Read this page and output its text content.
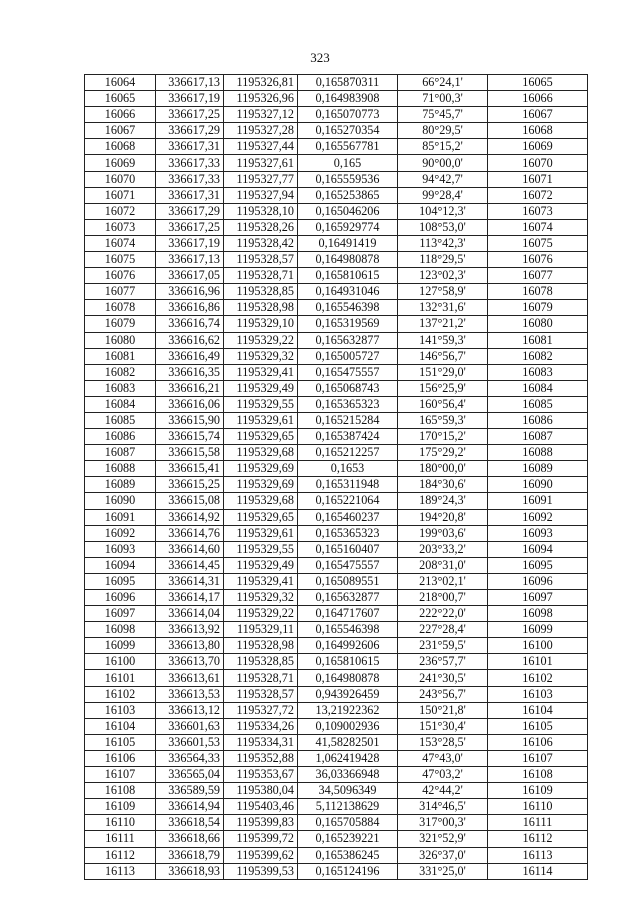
323
16064	336617,13	1195326,81	0,165870311	66°24,1'	16065
16065	336617,19	1195326,96	0,164983908	71°00,3'	16066
16066	336617,25	1195327,12	0,165070773	75°45,7'	16067
16067	336617,29	1195327,28	0,165270354	80°29,5'	16068
16068	336617,31	1195327,44	0,165567781	85°15,2'	16069
16069	336617,33	1195327,61	0,165	90°00,0'	16070
16070	336617,33	1195327,77	0,165559536	94°42,7'	16071
16071	336617,31	1195327,94	0,165253865	99°28,4'	16072
16072	336617,29	1195328,10	0,165046206	104°12,3'	16073
16073	336617,25	1195328,26	0,165929774	108°53,0'	16074
16074	336617,19	1195328,42	0,16491419	113°42,3'	16075
16075	336617,13	1195328,57	0,164980878	118°29,5'	16076
16076	336617,05	1195328,71	0,165810615	123°02,3'	16077
16077	336616,96	1195328,85	0,164931046	127°58,9'	16078
16078	336616,86	1195328,98	0,165546398	132°31,6'	16079
16079	336616,74	1195329,10	0,165319569	137°21,2'	16080
16080	336616,62	1195329,22	0,165632877	141°59,3'	16081
16081	336616,49	1195329,32	0,165005727	146°56,7'	16082
16082	336616,35	1195329,41	0,165475557	151°29,0'	16083
16083	336616,21	1195329,49	0,165068743	156°25,9'	16084
16084	336616,06	1195329,55	0,165365323	160°56,4'	16085
16085	336615,90	1195329,61	0,165215284	165°59,3'	16086
16086	336615,74	1195329,65	0,165387424	170°15,2'	16087
16087	336615,58	1195329,68	0,165212257	175°29,2'	16088
16088	336615,41	1195329,69	0,1653	180°00,0'	16089
16089	336615,25	1195329,69	0,165311948	184°30,6'	16090
16090	336615,08	1195329,68	0,165221064	189°24,3'	16091
16091	336614,92	1195329,65	0,165460237	194°20,8'	16092
16092	336614,76	1195329,61	0,165365323	199°03,6'	16093
16093	336614,60	1195329,55	0,165160407	203°33,2'	16094
16094	336614,45	1195329,49	0,165475557	208°31,0'	16095
16095	336614,31	1195329,41	0,165089551	213°02,1'	16096
16096	336614,17	1195329,32	0,165632877	218°00,7'	16097
16097	336614,04	1195329,22	0,164717607	222°22,0'	16098
16098	336613,92	1195329,11	0,165546398	227°28,4'	16099
16099	336613,80	1195328,98	0,164992606	231°59,5'	16100
16100	336613,70	1195328,85	0,165810615	236°57,7'	16101
16101	336613,61	1195328,71	0,164980878	241°30,5'	16102
16102	336613,53	1195328,57	0,943926459	243°56,7'	16103
16103	336613,12	1195327,72	13,21922362	150°21,8'	16104
16104	336601,63	1195334,26	0,109002936	151°30,4'	16105
16105	336601,53	1195334,31	41,58282501	153°28,5'	16106
16106	336564,33	1195352,88	1,062419428	47°43,0'	16107
16107	336565,04	1195353,67	36,03366948	47°03,2'	16108
16108	336589,59	1195380,04	34,5096349	42°44,2'	16109
16109	336614,94	1195403,46	5,112138629	314°46,5'	16110
16110	336618,54	1195399,83	0,165705884	317°00,3'	16111
16111	336618,66	1195399,72	0,165239221	321°52,9'	16112
16112	336618,79	1195399,62	0,165386245	326°37,0'	16113
16113	336618,93	1195399,53	0,165124196	331°25,0'	16114
